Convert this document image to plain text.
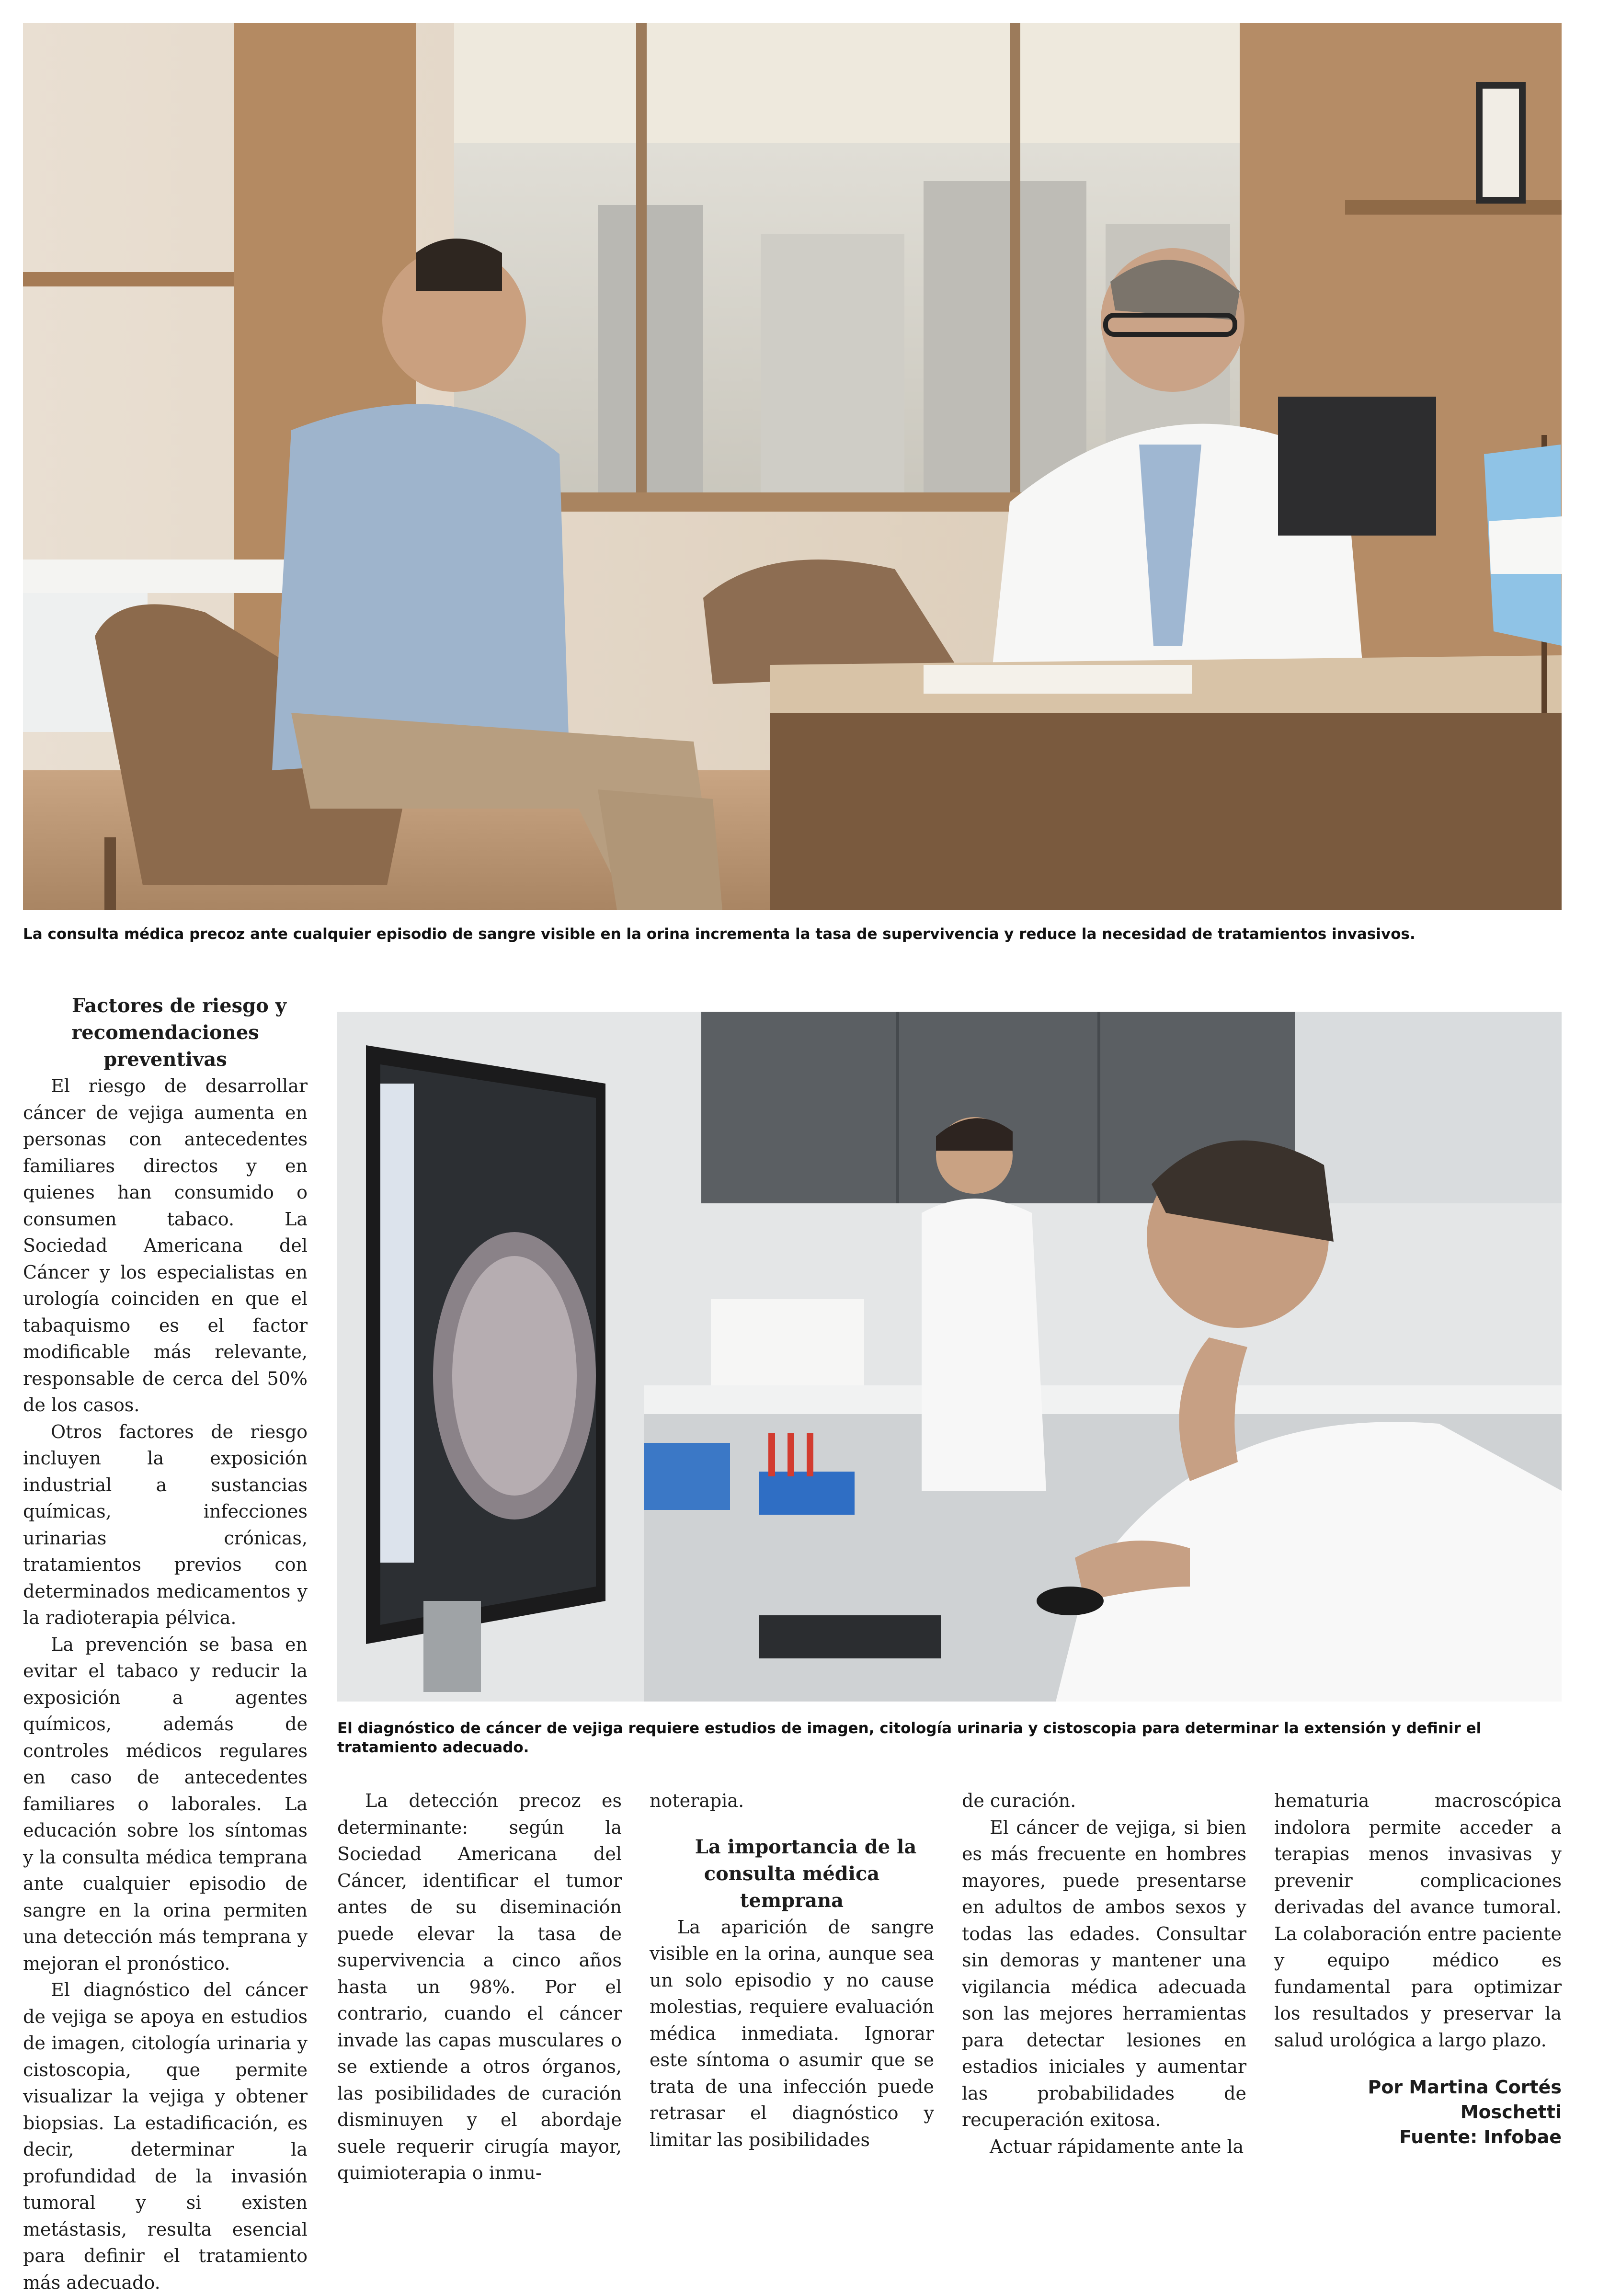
La consulta médica precoz ante cualquier episodio de sangre visible en la orina incrementa la tasa de supervivencia y reduce la necesidad de tratamientos invasivos.

Factores de riesgo y recomendaciones preventivas

El riesgo de desarrollar cáncer de vejiga aumenta en personas con antecedentes familiares directos y en quienes han consumido o consumen tabaco. La Sociedad Americana del Cáncer y los especialistas en urología coinciden en que el tabaquismo es el factor modificable más relevante, responsable de cerca del 50% de los casos.

Otros factores de riesgo incluyen la exposición industrial a sustancias químicas, infecciones urinarias crónicas, tratamientos previos con determinados medicamentos y la radioterapia pélvica.

La prevención se basa en evitar el tabaco y reducir la exposición a agentes químicos, además de controles médicos regulares en caso de antecedentes familiares o laborales. La educación sobre los síntomas y la consulta médica temprana ante cualquier episodio de sangre en la orina permiten una detección más temprana y mejoran el pronóstico.

El diagnóstico del cáncer de vejiga se apoya en estudios de imagen, citología urinaria y cistoscopia, que permite visualizar la vejiga y obtener biopsias. La estadificación, es decir, determinar la profundidad de la invasión tumoral y si existen metástasis, resulta esencial para definir el tratamiento más adecuado.

El diagnóstico de cáncer de vejiga requiere estudios de imagen, citología urinaria y cistoscopia para determinar la extensión y definir el tratamiento adecuado.

La detección precoz es determinante: según la Sociedad Americana del Cáncer, identificar el tumor antes de su diseminación puede elevar la tasa de supervivencia a cinco años hasta un 98%. Por el contrario, cuando el cáncer invade las capas musculares o se extiende a otros órganos, las posibilidades de curación disminuyen y el abordaje suele requerir cirugía mayor, quimioterapia o inmu-

noterapia.

La importancia de la consulta médica temprana

La aparición de sangre visible en la orina, aunque sea un solo episodio y no cause molestias, requiere evaluación médica inmediata. Ignorar este síntoma o asumir que se trata de una infección puede retrasar el diagnóstico y limitar las posibilidades

de curación.

El cáncer de vejiga, si bien es más frecuente en hombres mayores, puede presentarse en adultos de ambos sexos y todas las edades. Consultar sin demoras y mantener una vigilancia médica adecuada son las mejores herramientas para detectar lesiones en estadios iniciales y aumentar las probabilidades de recuperación exitosa.

Actuar rápidamente ante la

hematuria macroscópica indolora permite acceder a terapias menos invasivas y prevenir complicaciones derivadas del avance tumoral. La colaboración entre paciente y equipo médico es fundamental para optimizar los resultados y preservar la salud urológica a largo plazo.

Por Martina Cortés Moschetti
Fuente: Infobae
